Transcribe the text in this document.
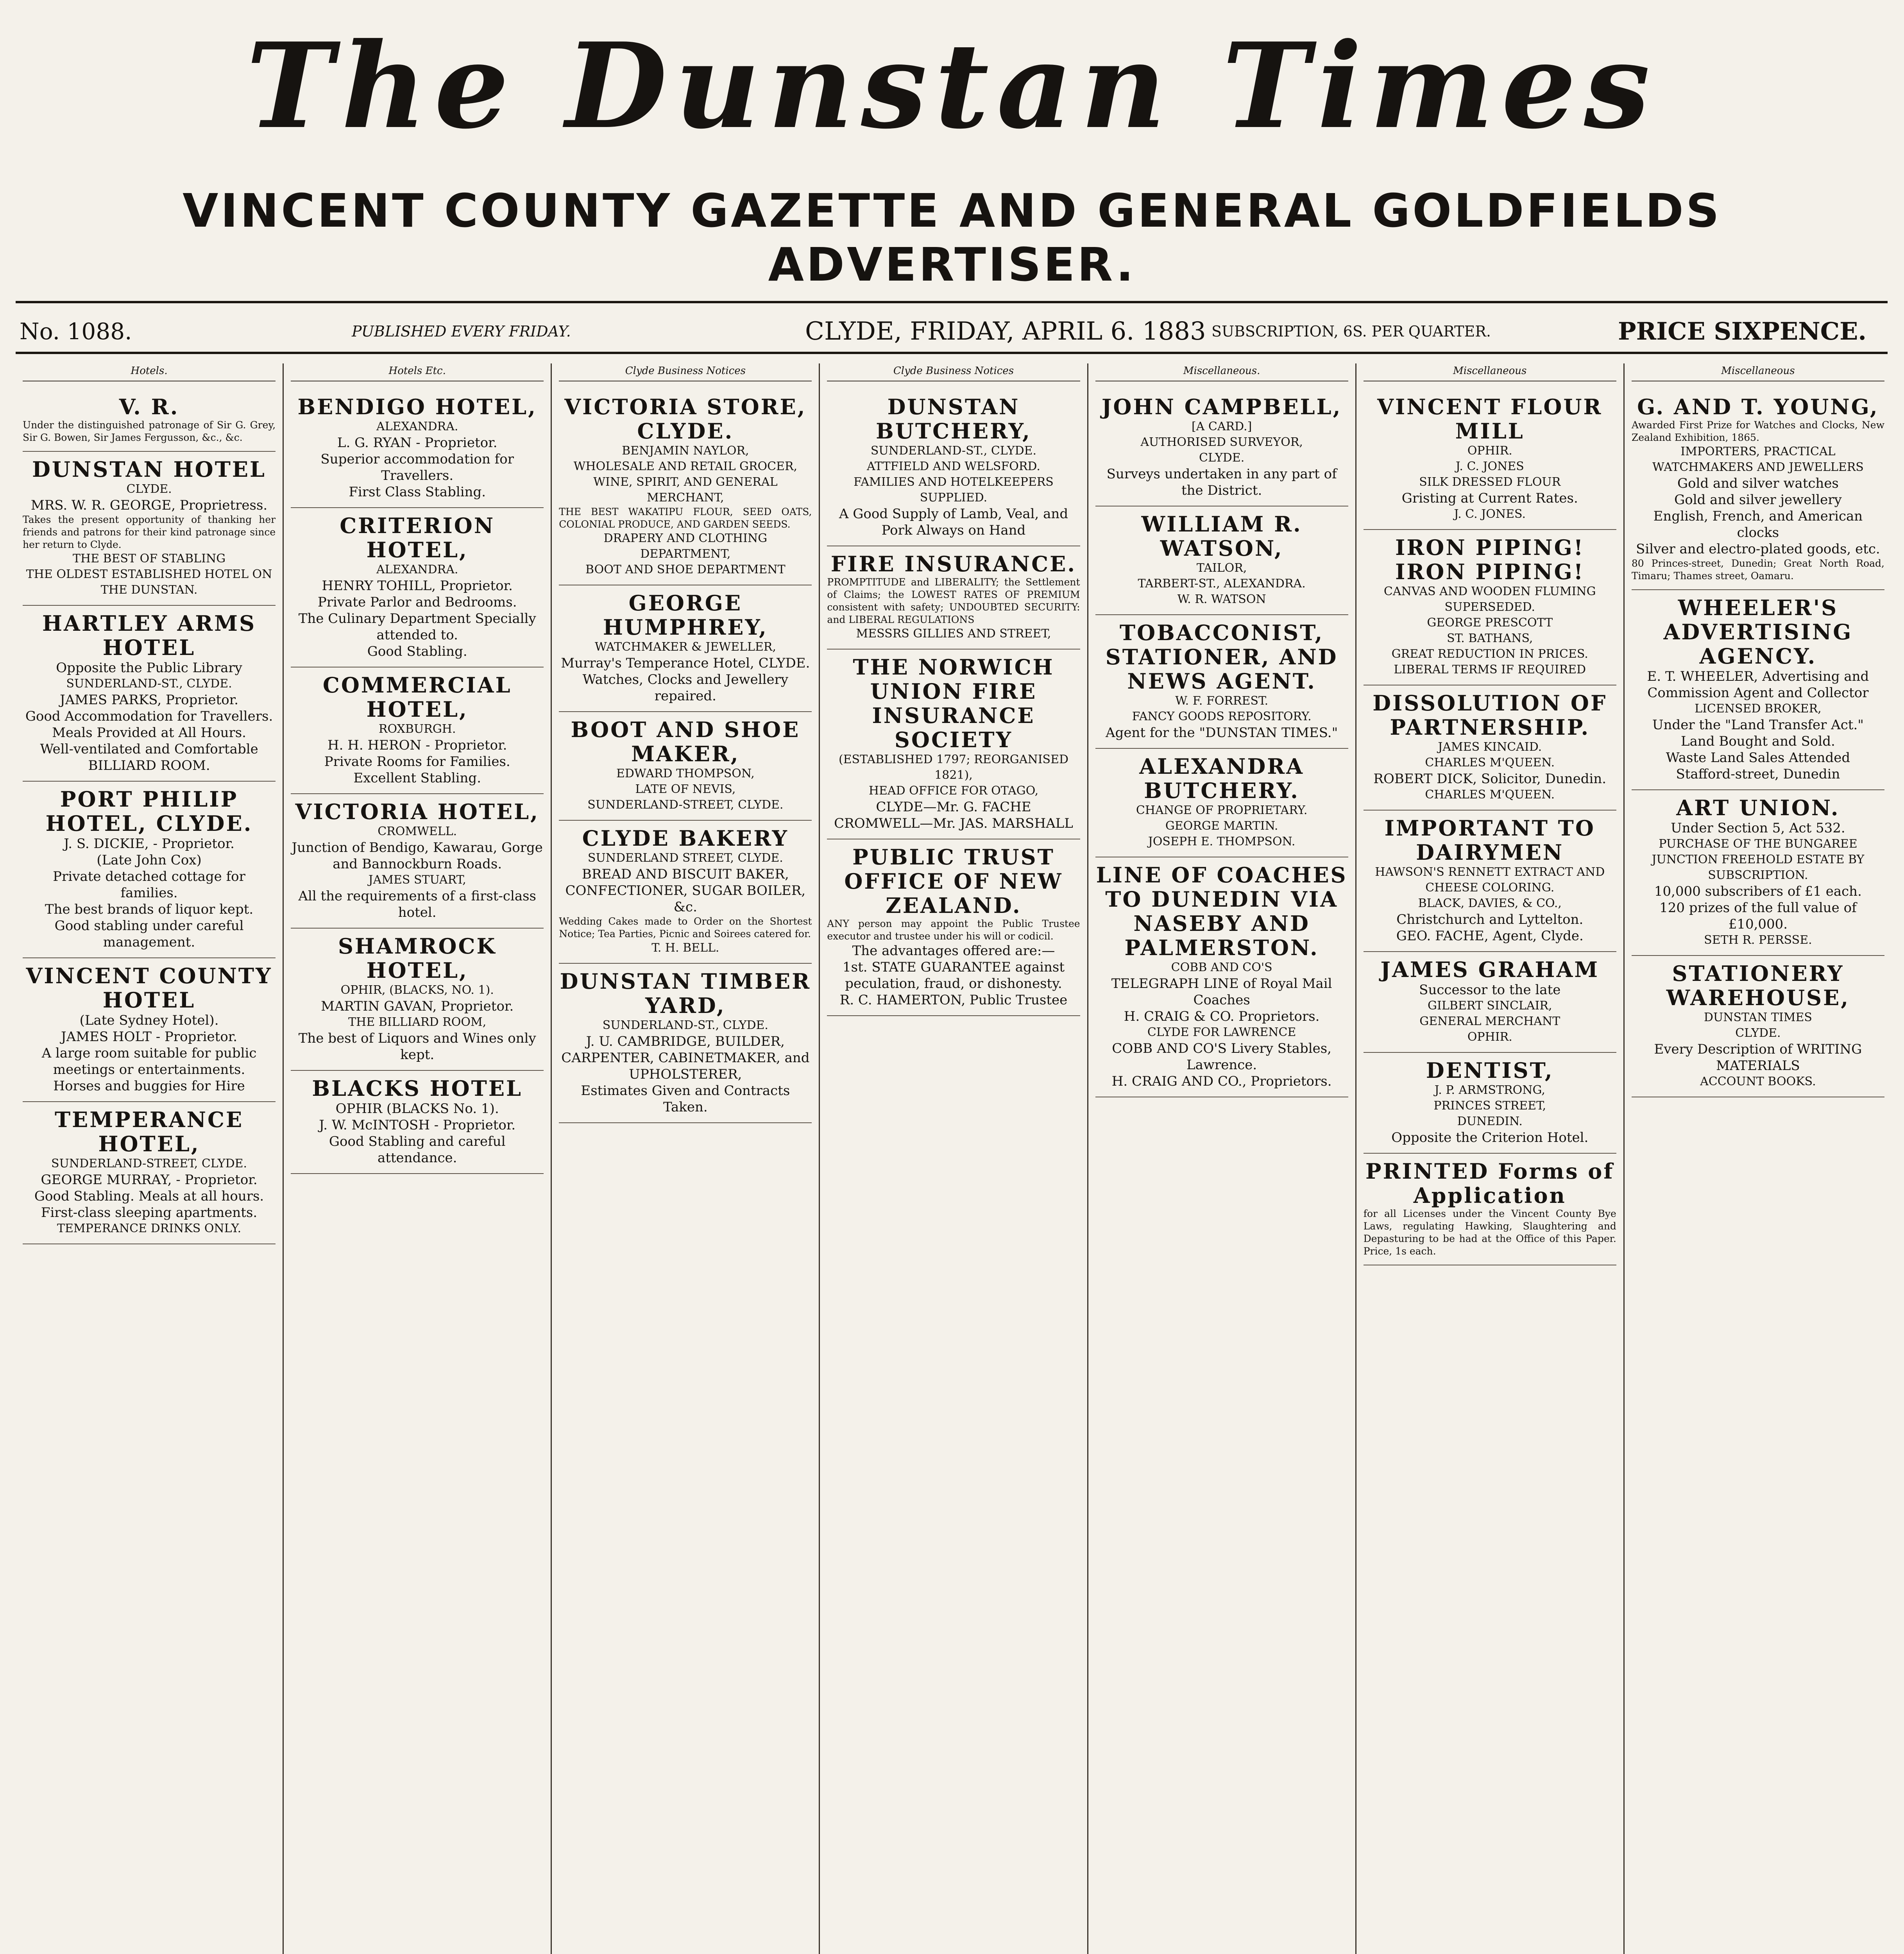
The Dunstan Times
VINCENT COUNTY GAZETTE AND GENERAL GOLDFIELDS ADVERTISER.
No. 1088.	PUBLISHED EVERY FRIDAY.	CLYDE, FRIDAY, APRIL 6. 1883 SUBSCRIPTION, 6S. PER QUARTER.	PRICE SIXPENCE.
Hotels.
V. R.
Under the distinguished patronage of Sir G. Grey, Sir G. Bowen, Sir James Fergusson, &c., &c.
DUNSTAN HOTEL
CLYDE.
MRS. W. R. GEORGE, Proprietress.
Takes the present opportunity of thanking her friends and patrons for their kind patronage since her return to Clyde.
THE BEST OF STABLING
THE OLDEST ESTABLISHED HOTEL ON THE DUNSTAN.
HARTLEY ARMS HOTEL
Opposite the Public Library
SUNDERLAND-ST., CLYDE.
JAMES PARKS, Proprietor.
Good Accommodation for Travellers. Meals Provided at All Hours.
Well-ventilated and Comfortable BILLIARD ROOM.
PORT PHILIP HOTEL, CLYDE.
J. S. DICKIE, - Proprietor.
(Late John Cox)
Private detached cottage for families.
The best brands of liquor kept.
Good stabling under careful management.
VINCENT COUNTY HOTEL
(Late Sydney Hotel).
JAMES HOLT - Proprietor.
A large room suitable for public meetings or entertainments.
Horses and buggies for Hire
TEMPERANCE HOTEL,
SUNDERLAND-STREET, CLYDE.
GEORGE MURRAY, - Proprietor.
Good Stabling. Meals at all hours. First-class sleeping apartments.
TEMPERANCE DRINKS ONLY.
Hotels Etc.
BENDIGO HOTEL,
ALEXANDRA.
L. G. RYAN - Proprietor.
Superior accommodation for Travellers.
First Class Stabling.
CRITERION HOTEL,
ALEXANDRA.
HENRY TOHILL, Proprietor.
Private Parlor and Bedrooms.
The Culinary Department Specially attended to.
Good Stabling.
COMMERCIAL HOTEL,
ROXBURGH.
H. H. HERON - Proprietor.
Private Rooms for Families.
Excellent Stabling.
VICTORIA HOTEL,
CROMWELL.
Junction of Bendigo, Kawarau, Gorge and Bannockburn Roads.
JAMES STUART,
All the requirements of a first-class hotel.
SHAMROCK HOTEL,
OPHIR, (BLACKS, NO. 1).
MARTIN GAVAN, Proprietor.
THE BILLIARD ROOM,
The best of Liquors and Wines only kept.
BLACKS HOTEL
OPHIR (BLACKS No. 1).
J. W. McINTOSH - Proprietor.
Good Stabling and careful attendance.
Clyde Business Notices
VICTORIA STORE, CLYDE.
BENJAMIN NAYLOR,
WHOLESALE AND RETAIL GROCER, WINE, SPIRIT, AND GENERAL MERCHANT,
THE BEST WAKATIPU FLOUR, SEED OATS, COLONIAL PRODUCE, AND GARDEN SEEDS.
DRAPERY AND CLOTHING DEPARTMENT,
BOOT AND SHOE DEPARTMENT
GEORGE HUMPHREY,
WATCHMAKER & JEWELLER,
Murray's Temperance Hotel, CLYDE.
Watches, Clocks and Jewellery repaired.
BOOT AND SHOE MAKER,
EDWARD THOMPSON,
LATE OF NEVIS,
SUNDERLAND-STREET, CLYDE.
CLYDE BAKERY
SUNDERLAND STREET, CLYDE.
BREAD AND BISCUIT BAKER, CONFECTIONER, SUGAR BOILER, &c.
Wedding Cakes made to Order on the Shortest Notice; Tea Parties, Picnic and Soirees catered for.
T. H. BELL.
DUNSTAN TIMBER YARD,
SUNDERLAND-ST., CLYDE.
J. U. CAMBRIDGE, BUILDER, CARPENTER, CABINETMAKER, and UPHOLSTERER,
Estimates Given and Contracts Taken.
Clyde Business Notices
DUNSTAN BUTCHERY,
SUNDERLAND-ST., CLYDE.
ATTFIELD AND WELSFORD.
FAMILIES AND HOTELKEEPERS SUPPLIED.
A Good Supply of Lamb, Veal, and Pork Always on Hand
FIRE INSURANCE.
PROMPTITUDE and LIBERALITY; the Settlement of Claims; the LOWEST RATES OF PREMIUM consistent with safety; UNDOUBTED SECURITY: and LIBERAL REGULATIONS
MESSRS GILLIES AND STREET,
THE NORWICH UNION FIRE INSURANCE SOCIETY
(ESTABLISHED 1797; REORGANISED 1821),
HEAD OFFICE FOR OTAGO,
CLYDE—Mr. G. FACHE
CROMWELL—Mr. JAS. MARSHALL
PUBLIC TRUST OFFICE OF NEW ZEALAND.
ANY person may appoint the Public Trustee executor and trustee under his will or codicil.
The advantages offered are:—
1st. STATE GUARANTEE against peculation, fraud, or dishonesty.
R. C. HAMERTON, Public Trustee
Miscellaneous.
JOHN CAMPBELL,
[A CARD.]
AUTHORISED SURVEYOR,
CLYDE.
Surveys undertaken in any part of the District.
WILLIAM R. WATSON,
TAILOR,
TARBERT-ST., ALEXANDRA.
W. R. WATSON
TOBACCONIST, STATIONER, AND NEWS AGENT.
W. F. FORREST.
FANCY GOODS REPOSITORY.
Agent for the "DUNSTAN TIMES."
ALEXANDRA BUTCHERY.
CHANGE OF PROPRIETARY.
GEORGE MARTIN.
JOSEPH E. THOMPSON.
LINE OF COACHES TO DUNEDIN VIA NASEBY AND PALMERSTON.
COBB AND CO'S
TELEGRAPH LINE of Royal Mail Coaches
H. CRAIG & CO. Proprietors.
CLYDE FOR LAWRENCE
COBB AND CO'S Livery Stables, Lawrence.
H. CRAIG AND CO., Proprietors.
Miscellaneous
VINCENT FLOUR MILL
OPHIR.
J. C. JONES
SILK DRESSED FLOUR
Gristing at Current Rates.
J. C. JONES.
IRON PIPING! IRON PIPING!
CANVAS AND WOODEN FLUMING SUPERSEDED.
GEORGE PRESCOTT
ST. BATHANS,
GREAT REDUCTION IN PRICES.
LIBERAL TERMS IF REQUIRED
DISSOLUTION OF PARTNERSHIP.
JAMES KINCAID.
CHARLES M'QUEEN.
ROBERT DICK, Solicitor, Dunedin.
CHARLES M'QUEEN.
IMPORTANT TO DAIRYMEN
HAWSON'S RENNETT EXTRACT AND CHEESE COLORING.
BLACK, DAVIES, & CO.,
Christchurch and Lyttelton.
GEO. FACHE, Agent, Clyde.
JAMES GRAHAM
Successor to the late
GILBERT SINCLAIR,
GENERAL MERCHANT
OPHIR.
DENTIST,
J. P. ARMSTRONG,
PRINCES STREET,
DUNEDIN.
Opposite the Criterion Hotel.
PRINTED Forms of Application
for all Licenses under the Vincent County Bye Laws, regulating Hawking, Slaughtering and Depasturing to be had at the Office of this Paper. Price, 1s each.
Miscellaneous
G. AND T. YOUNG,
Awarded First Prize for Watches and Clocks, New Zealand Exhibition, 1865.
IMPORTERS, PRACTICAL WATCHMAKERS AND JEWELLERS
Gold and silver watches
Gold and silver jewellery
English, French, and American clocks
Silver and electro-plated goods, etc.
80 Princes-street, Dunedin; Great North Road, Timaru; Thames street, Oamaru.
WHEELER'S ADVERTISING AGENCY.
E. T. WHEELER, Advertising and Commission Agent and Collector
LICENSED BROKER,
Under the "Land Transfer Act."
Land Bought and Sold.
Waste Land Sales Attended
Stafford-street, Dunedin
ART UNION.
Under Section 5, Act 532.
PURCHASE OF THE BUNGAREE JUNCTION FREEHOLD ESTATE BY SUBSCRIPTION.
10,000 subscribers of £1 each.
120 prizes of the full value of £10,000.
SETH R. PERSSE.
STATIONERY WAREHOUSE,
DUNSTAN TIMES
CLYDE.
Every Description of WRITING MATERIALS
ACCOUNT BOOKS.
